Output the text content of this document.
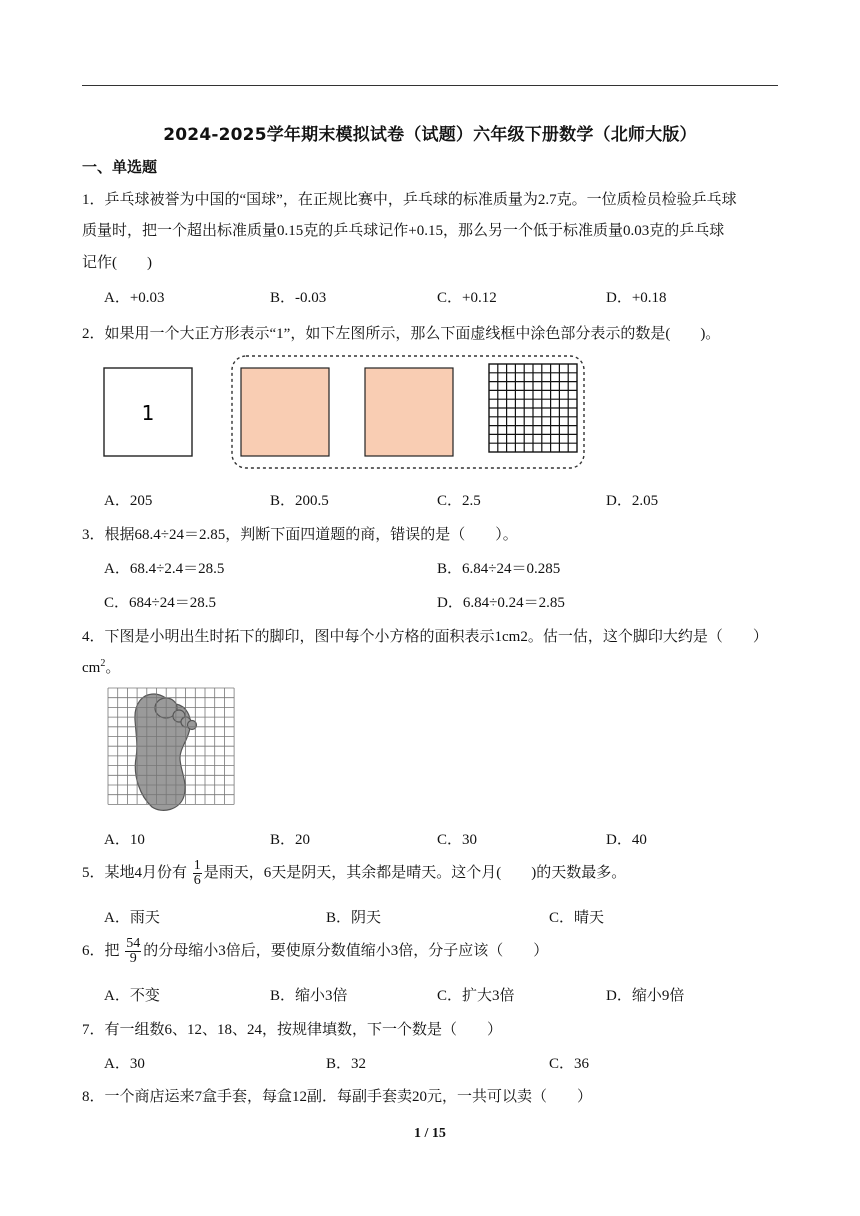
2024-2025学年期末模拟试卷（试题）六年级下册数学（北师大版）
一、单选题
1．乒乓球被誉为中国的“国球”，在正规比赛中，乒乓球的标准质量为2.7克。一位质检员检验乒乓球
质量时，把一个超出标准质量0.15克的乒乓球记作+0.15，那么另一个低于标准质量0.03克的乒乓球
记作(　　)
A．+0.03	B．-0.03	C．+0.12	D．+0.18
2．如果用一个大正方形表示“1”，如下左图所示，那么下面虚线框中涂色部分表示的数是(　　)。
1
A．205	B．200.5	C．2.5	D．2.05
3．根据68.4÷24＝2.85，判断下面四道题的商，错误的是（　　）。
A．68.4÷2.4＝28.5	B．6.84÷24＝0.285
C．684÷24＝28.5	D．6.84÷0.24＝2.85
4．下图是小明出生时拓下的脚印，图中每个小方格的面积表示1cm2。估一估，这个脚印大约是（　　）
$cm^2$。
A．10	B．20	C．30	D．40
5．某地4月份有 $\frac{1}{6}$ 是雨天，6天是阴天，其余都是晴天。这个月(　　)的天数最多。
A．雨天	B．阴天	C．晴天
6．把 $\frac{54}{9}$ 的分母缩小3倍后，要使原分数值缩小3倍，分子应该（　　）
A．不变	B．缩小3倍	C．扩大3倍	D．缩小9倍
7．有一组数6、12、18、24，按规律填数，下一个数是（　　）
A．30	B．32	C．36
8．一个商店运来7盒手套，每盒12副．每副手套卖20元，一共可以卖（　　）
1 / 15
